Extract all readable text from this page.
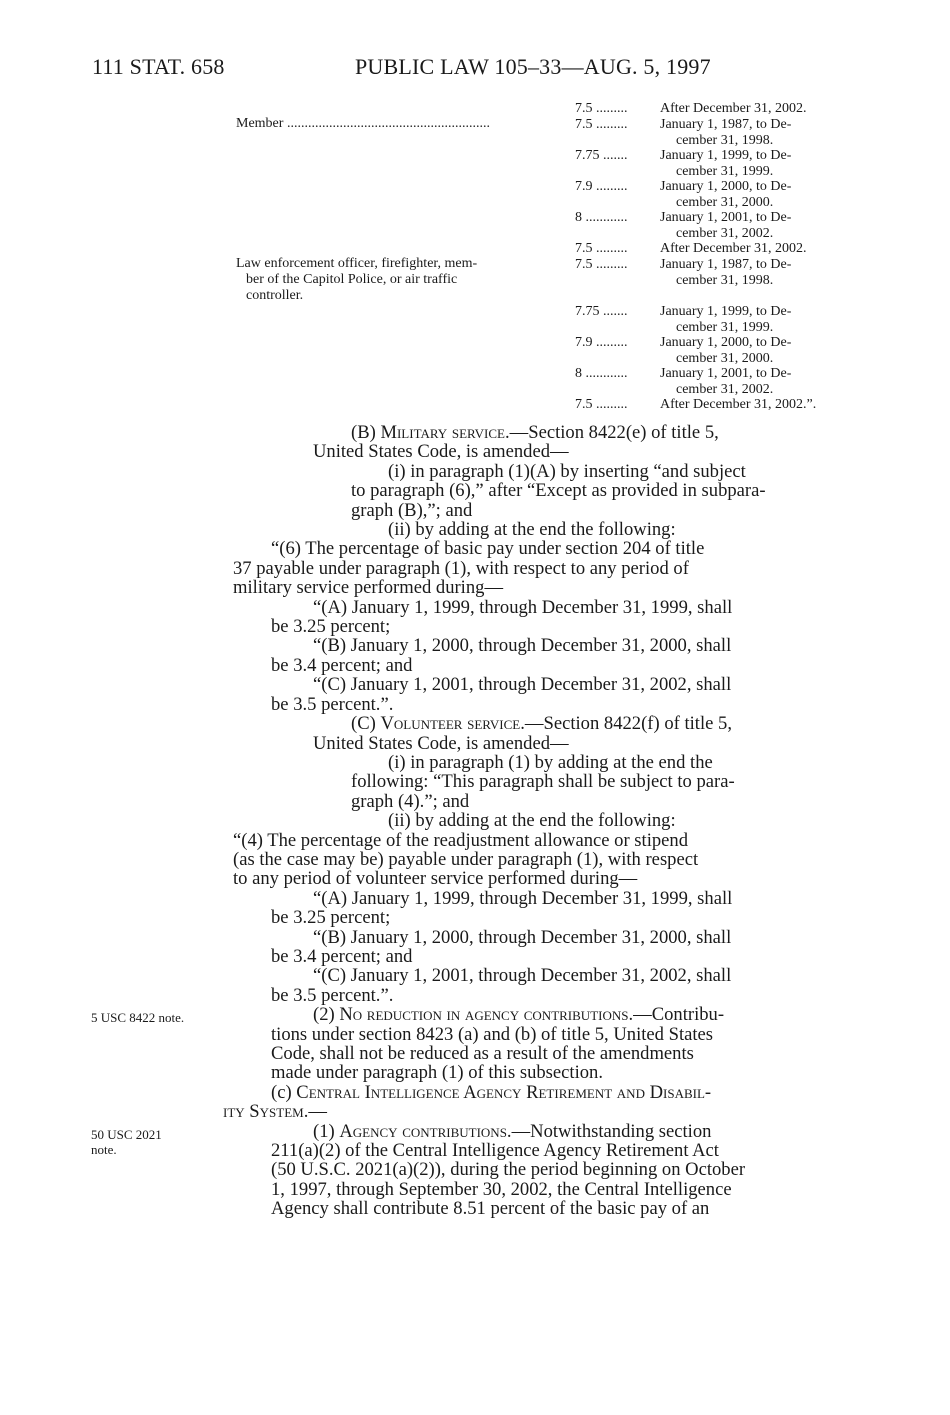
111 STAT. 658	PUBLIC LAW 105–33—AUG. 5, 1997
Member ..........................................................
Law enforcement officer, firefighter, mem-
ber of the Capitol Police, or air traffic
controller.
7.5 ......... After December 31, 2002.
7.5 ......... January 1, 1987, to De-
cember 31, 1998.
7.75 ....... January 1, 1999, to De-
cember 31, 1999.
7.9 ......... January 1, 2000, to De-
cember 31, 2000.
8 ............ January 1, 2001, to De-
cember 31, 2002.
7.5 ......... After December 31, 2002.
7.5 ......... January 1, 1987, to De-
cember 31, 1998.
7.75 ....... January 1, 1999, to De-
cember 31, 1999.
7.9 ......... January 1, 2000, to De-
cember 31, 2000.
8 ............ January 1, 2001, to De-
cember 31, 2002.
7.5 ......... After December 31, 2002.”.
(B) Military service.—Section 8422(e) of title 5,
United States Code, is amended—
(i) in paragraph (1)(A) by inserting “and subject
to paragraph (6),” after “Except as provided in subpara-
graph (B),”; and
(ii) by adding at the end the following:
“(6) The percentage of basic pay under section 204 of title
37 payable under paragraph (1), with respect to any period of
military service performed during—
“(A) January 1, 1999, through December 31, 1999, shall
be 3.25 percent;
“(B) January 1, 2000, through December 31, 2000, shall
be 3.4 percent; and
“(C) January 1, 2001, through December 31, 2002, shall
be 3.5 percent.”.
(C) Volunteer service.—Section 8422(f) of title 5,
United States Code, is amended—
(i) in paragraph (1) by adding at the end the
following: “This paragraph shall be subject to para-
graph (4).”; and
(ii) by adding at the end the following:
“(4) The percentage of the readjustment allowance or stipend
(as the case may be) payable under paragraph (1), with respect
to any period of volunteer service performed during—
“(A) January 1, 1999, through December 31, 1999, shall
be 3.25 percent;
“(B) January 1, 2000, through December 31, 2000, shall
be 3.4 percent; and
“(C) January 1, 2001, through December 31, 2002, shall
be 3.5 percent.”.
(2) No reduction in agency contributions.—Contribu-
tions under section 8423 (a) and (b) of title 5, United States
Code, shall not be reduced as a result of the amendments
made under paragraph (1) of this subsection.
(c) Central Intelligence Agency Retirement and Disabil-
ity System.—
(1) Agency contributions.—Notwithstanding section
211(a)(2) of the Central Intelligence Agency Retirement Act
(50 U.S.C. 2021(a)(2)), during the period beginning on October
1, 1997, through September 30, 2002, the Central Intelligence
Agency shall contribute 8.51 percent of the basic pay of an
5 USC 8422 note.
50 USC 2021
note.
